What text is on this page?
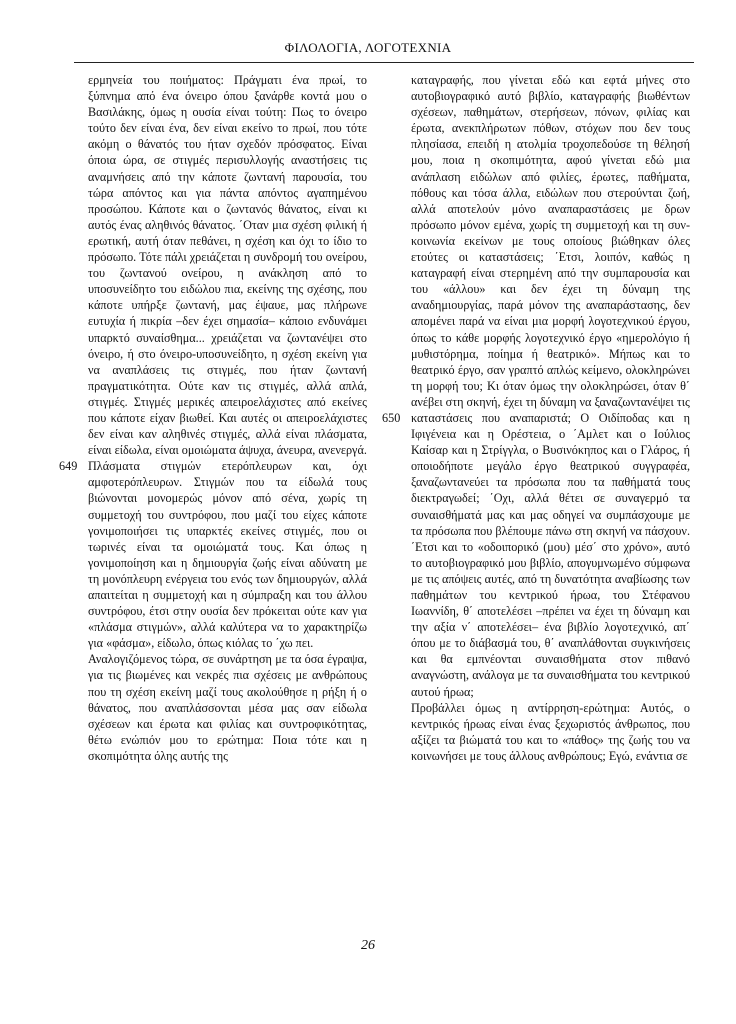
ΦΙΛΟΛΟΓΙΑ, ΛΟΓΟΤΕΧΝΙΑ

ερμηνεία του ποιήματος: Πράγματι ένα πρωί, το ξύπνημα από ένα όνειρο όπου ξανάρθε κοντά μου ο Βασιλάκης, όμως η ουσία είναι τούτη: Πως το όνειρο τούτο δεν είναι ένα, δεν είναι εκείνο το πρωί, που τότε ακόμη ο θάνατός του ήταν σχεδόν πρόσφατος. Είναι όποια ώρα, σε στιγμές περισυλλογής αναστήσεις τις αναμνήσεις από την κάποτε ζωντανή παρουσία, του τώρα απόντος και για πάντα απόντος αγαπημένου προσώπου. Κάποτε και ο ζωντανός θάνατος, είναι κι αυτός ένας αληθινός θάνατος. ΄Οταν μια σχέση φιλική ή ερωτική, αυτή όταν πεθάνει, η σχέση και όχι το ίδιο το πρόσωπο. Τότε πάλι χρειάζεται η συνδρομή του ονείρου, του ζωντανού ονείρου, η ανάκληση από το υποσυνείδητο του ειδώλου πια, εκείνης της σχέσης, που κάποτε υπήρξε ζωντανή, μας έψαυε, μας πλήρωνε ευτυχία ή πικρία –δεν έχει σημασία– κάποιο ενδυνάμει υπαρκτό συναίσθημα... χρειάζεται να ζωντανέψει στο όνειρο, ή στο όνειρο-υποσυνείδητο, η σχέση εκείνη για να αναπλάσεις τις στιγμές, που ήταν ζωντανή πραγματικότητα. Ούτε καν τις στιγμές, αλλά απλά, στιγμές. Στιγμές μερικές απειροελάχιστες από εκείνες που κάποτε είχαν βιωθεί. Και αυτές οι απειροελάχιστες δεν είναι καν αληθινές στιγμές, αλλά είναι πλάσματα, είναι είδωλα, είναι ομοιώματα άψυχα, άνευρα, ανενεργά.

649 Πλάσματα στιγμών ετερόπλευρων και, όχι αμφοτερόπλευρων. Στιγμών που τα είδωλά τους βιώνονται μονομερώς μόνον από σένα, χωρίς τη συμμετοχή του συντρόφου, που μαζί του είχες κάποτε γονιμοποιήσει τις υπαρκτές εκείνες στιγμές, που οι τωρινές είναι τα ομοιώματά τους. Και όπως η γονιμοποίηση και η δημιουργία ζωής είναι αδύνατη με τη μονόπλευρη ενέργεια του ενός των δημιουργών, αλλά απαιτείται η συμμετοχή και η σύμπραξη και του άλλου συντρόφου, έτσι στην ουσία δεν πρόκειται ούτε καν για «πλάσμα στιγμών», αλλά καλύτερα να το χαρακτηρίζω για «φάσμα», είδωλο, όπως κιόλας το ΄χω πει.

Αναλογιζόμενος τώρα, σε συνάρτηση με τα όσα έγραψα, για τις βιωμένες και νεκρές πια σχέσεις με ανθρώπους που τη σχέση εκείνη μαζί τους ακολούθησε η ρήξη ή ο θάνατος, που αναπλάσσονται μέσα μας σαν είδωλα σχέσεων και έρωτα και φιλίας και συντροφικότητας, θέτω ενώπιόν μου το ερώτημα: Ποια τότε και η σκοπιμότητα όλης αυτής της

καταγραφής, που γίνεται εδώ και εφτά μήνες στο αυτοβιογραφικό αυτό βιβλίο, καταγραφής βιωθέντων σχέσεων, παθημάτων, στερήσεων, πόνων, φιλίας και έρωτα, ανεκπλήρωτων πόθων, στόχων που δεν τους πλησίασα, επειδή η ατολμία τροχοπεδούσε τη θέλησή μου, ποια η σκοπιμότητα, αφού γίνεται εδώ μια ανάπλαση ειδώλων από φιλίες, έρωτες, παθήματα, πόθους και τόσα άλλα, ειδώλων που στερούνται ζωή, αλλά αποτελούν μόνο αναπαραστάσεις με δρων πρόσωπο μόνον εμένα, χωρίς τη συμμετοχή και τη συν-κοινωνία εκείνων με τους οποίους βιώθηκαν όλες ετούτες οι καταστάσεις; ΄Ετσι, λοιπόν, καθώς η καταγραφή είναι στερημένη από την συμπαρουσία και του «άλλου» και δεν έχει τη δύναμη της αναδημιουργίας, παρά μόνον της αναπαράστασης, δεν απομένει παρά να είναι μια μορφή λογοτεχνικού έργου, όπως το κάθε μορφής λογοτεχνικό έργο «ημερολόγιο ή μυθιστόρημα, ποίημα ή θεατρικό». Μήπως και το θεατρικό έργο, σαν γραπτό απλώς κείμενο, ολοκληρώνει τη μορφή του; Κι όταν όμως την ολοκληρώσει, όταν θ΄ ανέβει στη σκηνή, έχει τη δύναμη να ξαναζωντανέψει τις

650 καταστάσεις που αναπαριστά; Ο Οιδίποδας και η Ιφιγένεια και η Ορέστεια, ο ΄Αμλετ και ο Ιούλιος Καίσαρ και η Στρίγγλα, ο Βυσινόκηπος και ο Γλάρος, ή οποιοδήποτε μεγάλο έργο θεατρικού συγγραφέα, ξαναζωντανεύει τα πρόσωπα που τα παθήματά τους διεκτραγωδεί; ΄Οχι, αλλά θέτει σε συναγερμό τα συναισθήματά μας και μας οδηγεί να συμπάσχουμε με τα πρόσωπα που βλέπουμε πάνω στη σκηνή να πάσχουν. ΄Ετσι και το «οδοιπορικό (μου) μέσ΄ στο χρόνο», αυτό το αυτοβιογραφικό μου βιβλίο, απογυμνωμένο σύμφωνα με τις απόψεις αυτές, από τη δυνατότητα αναβίωσης των παθημάτων του κεντρικού ήρωα, του Στέφανου Ιωαννίδη, θ΄ αποτελέσει –πρέπει να έχει τη δύναμη και την αξία ν΄ αποτελέσει– ένα βιβλίο λογοτεχνικό, απ΄ όπου με το διάβασμά του, θ΄ αναπλάθονται συγκινήσεις και θα εμπνέονται συναισθήματα στον πιθανό αναγνώστη, ανάλογα με τα συναισθήματα του κεντρικού αυτού ήρωα;

Προβάλλει όμως η αντίρρηση-ερώτημα: Αυτός, ο κεντρικός ήρωας είναι ένας ξεχωριστός άνθρωπος, που αξίζει τα βιώματά του και το «πάθος» της ζωής του να κοινωνήσει με τους άλλους ανθρώπους; Εγώ, ενάντια σε

26
